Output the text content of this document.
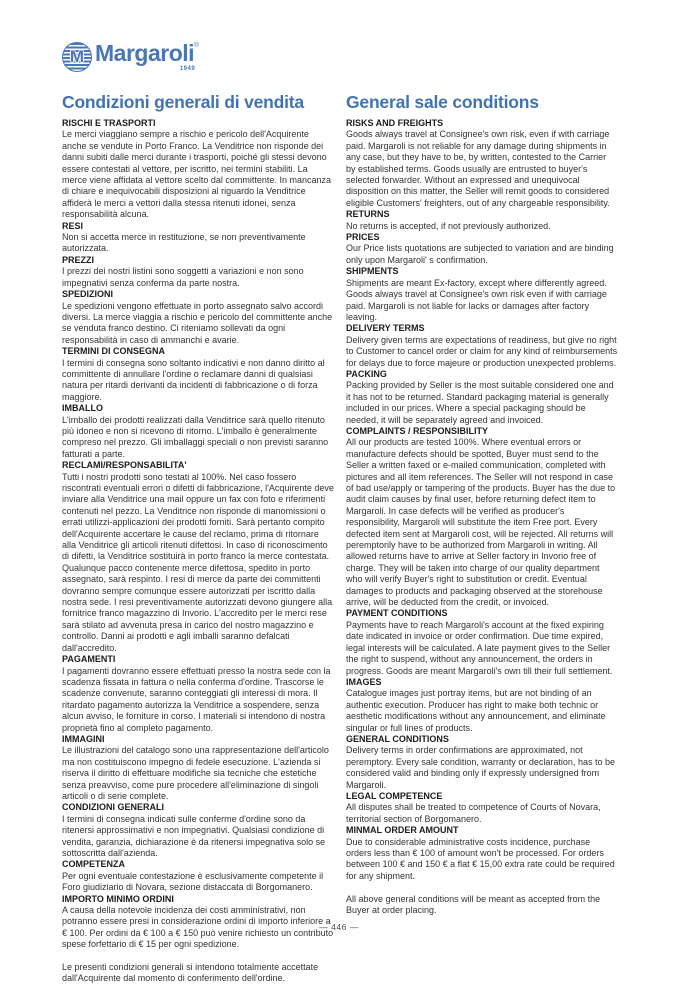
M Margaroli®
1949
Condizioni generali di vendita
RISCHI E TRASPORTI

Le merci viaggiano sempre a rischio e pericolo dell'Acquirente anche se vendute in Porto Franco. La Venditrice non risponde dei danni subiti dalle merci durante i trasporti, poiché gli stessi devono essere contestati al vettore, per iscritto, nei termini stabiliti. La merce viene affidata al vettore scelto dal committente. In mancanza di chiare e inequivocabili disposizioni al riguardo la Venditrice affiderà le merci a vettori dalla stessa ritenuti idonei, senza responsabilità alcuna.

RESI

Non si accetta merce in restituzione, se non preventivamente autorizzata.

PREZZI

I prezzi dei nostri listini sono soggetti a variazioni e non sono impegnativi senza conferma da parte nostra.

SPEDIZIONI

Le spedizioni vengono effettuate in porto assegnato salvo accordi diversi. La merce viaggia a rischio e pericolo del committente anche se venduta franco destino. Ci riteniamo sollevati da ogni responsabilità in caso di ammanchi e avarie.

TERMINI DI CONSEGNA

I termini di consegna sono soltanto indicativi e non danno diritto al committente di annullare l'ordine o reclamare danni di qualsiasi natura per ritardi derivanti da incidenti di fabbricazione o di forza maggiore.

IMBALLO

L'imballo dei prodotti realizzati dalla Venditrice sarà quello ritenuto più idoneo e non si ricevono di ritorno. L'imballo è generalmente compreso nel prezzo. Gli imballaggi speciali o non previsti saranno fatturati a parte.

RECLAMI/RESPONSABILITA'

Tutti i nostri prodotti sono testati al 100%. Nel caso fossero riscontrati eventuali errori o difetti di fabbricazione, l'Acquirente deve inviare alla Venditrice una mail oppure un fax con foto e riferimenti contenuti nel pezzo. La Venditrice non risponde di manomissioni o errati utilizzi-applicazioni dei prodotti forniti. Sarà pertanto compito dell'Acquirente accertare le cause del reclamo, prima di ritornare alla Venditrice gli articoli ritenuti difettosi. In caso di riconoscimento di difetti, la Venditrice sostituirà in porto franco la merce contestata. Qualunque pacco contenente merce difettosa, spedito in porto assegnato, sarà respinto. I resi di merce da parte dei committenti dovranno sempre comunque essere autorizzati per iscritto dalla nostra sede. I resi preventivamente autorizzati devono giungere alla fornitrice franco magazzino di Invorio. L'accredito per le merci rese sarà stilato ad avvenuta presa in carico del nostro magazzino e controllo. Danni ai prodotti e agli imballi saranno defalcati dall'accredito.

PAGAMENTI

I pagamenti dovranno essere effettuati presso la nostra sede con la scadenza fissata in fattura o nella conferma d'ordine. Trascorse le scadenze convenute, saranno conteggiati gli interessi di mora. Il ritardato pagamento autorizza la Venditrice a sospendere, senza alcun avviso, le forniture in corso. I materiali si intendono di nostra proprietà fino al completo pagamento.

IMMAGINI

Le illustrazioni del catalogo sono una rappresentazione dell'articolo ma non costituiscono impegno di fedele esecuzione. L'azienda si riserva il diritto di effettuare modifiche sia tecniche che estetiche senza preavviso, come pure procedere all'eliminazione di singoli articoli o di serie complete.

CONDIZIONI GENERALI

I termini di consegna indicati sulle conferme d'ordine sono da ritenersi approssimativi e non impegnativi. Qualsiasi condizione di vendita, garanzia, dichiarazione è da ritenersi impegnativa solo se sottoscritta dall'azienda.

COMPETENZA

Per ogni eventuale contestazione è esclusivamente competente il Foro giudiziario di Novara, sezione distaccata di Borgomanero.

IMPORTO MINIMO ORDINI

A causa della notevole incidenza dei costi amministrativi, non potranno essere presi in considerazione ordini di importo inferiore a € 100. Per ordini da € 100 a € 150 può venire richiesto un contributo spese forfettario di € 15 per ogni spedizione.

Le presenti condizioni generali si intendono totalmente accettate dall'Acquirente dal momento di conferimento dell'ordine.

General sale conditions
RISKS AND FREIGHTS

Goods always travel at Consignee's own risk, even if with carriage paid. Margaroli is not reliable for any damage during shipments in any case, but they have to be, by written, contested to the Carrier by established terms. Goods usually are entrusted to buyer's selected forwarder. Without an expressed and unequivocal disposition on this matter, the Seller will remit goods to considered eligible Customers' freighters, out of any chargeable responsibility.

RETURNS

No returns is accepted, if not previously authorized.

PRICES

Our Price lists quotations are subjected to variation and are binding only upon Margaroli' s confirmation.

SHIPMENTS

Shipments are meant Ex-factory, except where differently agreed. Goods always travel at Consignee's own risk even if with carriage paid. Margaroli is not liable for lacks or damages after factory leaving.

DELIVERY TERMS

Delivery given terms are expectations of readiness, but give no right to Customer to cancel order or claim for any kind of reimbursements for delays due to force majeure or production unexpected problems.

PACKING

Packing provided by Seller is the most suitable considered one and it has not to be returned. Standard packaging material is generally included in our prices. Where a special packaging should be needed, it will be separately agreed and invoiced.

COMPLAINTS / RESPONSIBILITY

All our products are tested 100%. Where eventual errors or manufacture defects should be spotted, Buyer must send to the Seller a written faxed or e-mailed communication, completed with pictures and all item references. The Seller will not respond in case of bad use/apply or tampering of the products. Buyer has the due to audit claim causes by final user, before returning defect item to Margaroli. In case defects will be verified as producer's responsibility, Margaroli will substitute the item Free port. Every defected item sent at Margaroli cost, will be rejected. All returns will peremptorily have to be authorized from Margaroli in writing. All allowed returns have to arrive at Seller factory in Invorio free of charge. They will be taken into charge of our quality department who will verify Buyer's right to substitution or credit. Eventual damages to products and packaging observed at the storehouse arrive, will be deducted from the credit, or invoiced.

PAYMENT CONDITIONS

Payments have to reach Margaroli's account at the fixed expiring date indicated in invoice or order confirmation. Due time expired, legal interests will be calculated. A late payment gives to the Seller the right to suspend, without any announcement, the orders in progress. Goods are meant Margaroli's own till their full settlement.

IMAGES

Catalogue images just portray items, but are not binding of an authentic execution. Producer has right to make both technic or aesthetic modifications without any announcement, and eliminate singular or full lines of products.

GENERAL CONDITIONS

Delivery terms in order confirmations are approximated, not peremptory. Every sale condition, warranty or declaration, has to be considered valid and binding only if expressly undersigned from Margaroli.

LEGAL COMPETENCE

All disputes shall be treated to competence of Courts of Novara, territorial section of Borgomanero.

MINMAL ORDER AMOUNT

Due to considerable administrative costs incidence, purchase orders less than € 100 of amount won't be processed. For orders between 100 € and 150 € a flat € 15,00 extra rate could be required for any shipment.

All above general conditions will be meant as accepted from the Buyer at order placing.

— 446 —
